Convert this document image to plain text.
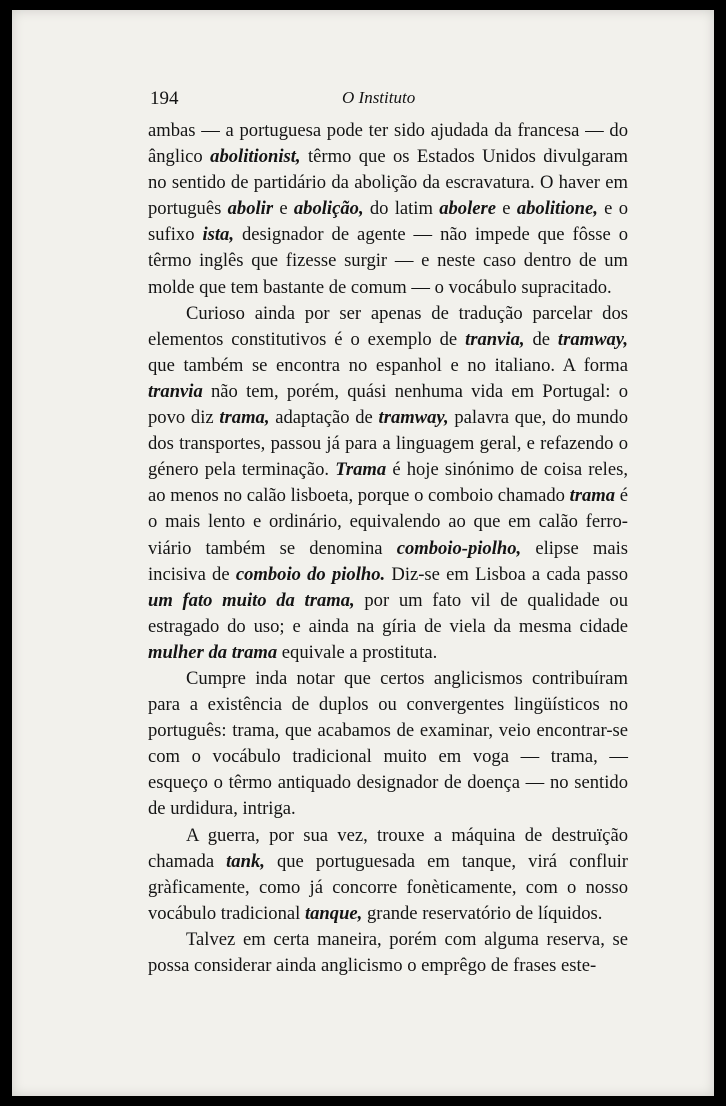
194	O Instituto

ambas — a portuguesa pode ter sido ajudada da francesa — do ânglico abolitionist, têrmo que os Estados Unidos divulgaram no sentido de partidário da abolição da escravatura. O haver em português abolir e abolição, do latim abolere e abolitione, e o sufixo ista, designador de agente — não impede que fôsse o têrmo inglês que fizesse surgir — e neste caso dentro de um molde que tem bastante de comum — o vocábulo supracitado.

Curioso ainda por ser apenas de tradução parcelar dos elementos constitutivos é o exemplo de tranvia, de tramway, que também se encontra no espanhol e no italiano. A forma tranvia não tem, porém, quási nenhuma vida em Portugal: o povo diz trama, adaptação de tramway, palavra que, do mundo dos transportes, passou já para a linguagem geral, e refazendo o género pela terminação. Trama é hoje sinónimo de coisa reles, ao menos no calão lisboeta, porque o comboio chamado trama é o mais lento e ordinário, equivalendo ao que em calão ferro-viário também se denomina comboio-piolho, elipse mais incisiva de comboio do piolho. Diz-se em Lisboa a cada passo um fato muito da trama, por um fato vil de qualidade ou estragado do uso; e ainda na gíria de viela da mesma cidade mulher da trama equivale a prostituta.

Cumpre inda notar que certos anglicismos contribuíram para a existência de duplos ou convergentes lingüísticos no português: trama, que acabamos de examinar, veio encontrar-se com o vocábulo tradicional muito em voga — trama, — esqueço o têrmo antiquado designador de doença — no sentido de urdidura, intriga.

A guerra, por sua vez, trouxe a máquina de destruïção chamada tank, que portuguesada em tanque, virá confluir gràficamente, como já concorre fonèticamente, com o nosso vocábulo tradicional tanque, grande reservatório de líquidos.

Talvez em certa maneira, porém com alguma reserva, se possa considerar ainda anglicismo o emprêgo de frases este-
